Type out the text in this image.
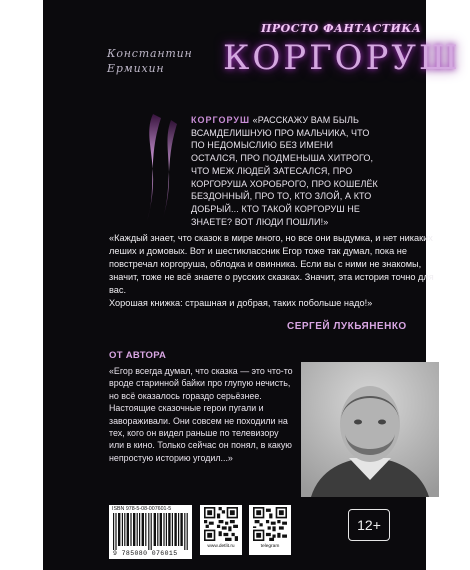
ПРОСТО ФАНТАСТИКА
Константин
Ермихин	КОРГОРУШ
КОРГОРУШ «РАССКАЖУ ВАМ БЫЛЬ ВСАМДЕЛИШНУЮ ПРО МАЛЬЧИКА, ЧТО ПО НЕДОМЫСЛИЮ БЕЗ ИМЕНИ ОСТАЛСЯ, ПРО ПОДМЕНЫША ХИТРОГО, ЧТО МЕЖ ЛЮДЕЙ ЗАТЕСАЛСЯ, ПРО КОРГОРУША ХОРОБРОГО, ПРО КОШЕЛЁК БЕЗДОННЫЙ, ПРО ТО, КТО ЗЛОЙ, А КТО ДОБРЫЙ... КТО ТАКОЙ КОРГОРУШ НЕ ЗНАЕТЕ? ВОТ ЛЮДИ ПОШЛИ!»

«Каждый знает, что сказок в мире много, но все они выдумка, и нет никаких леших и домовых. Вот и шестиклассник Егор тоже так думал, пока не повстречал коргоруша, облодка и овинника. Если вы с ними не знакомы, значит, тоже не всё знаете о русских сказках. Значит, эта история точно для вас.

Хорошая книжка: страшная и добрая, таких побольше надо!»

СЕРГЕЙ ЛУКЬЯНЕНКО
ОТ АВТОРА
«Егор всегда думал, что сказка — это что-то вроде старинной байки про глупую нечисть, но всё оказалось гораздо серьёзнее. Настоящие сказочные герои пугали и завораживали. Они совсем не походили на тех, кого он видел раньше по телевизору или в кино. Только сейчас он понял, в какую непростую историю угодил...»
ISBN 978-5-08-007601-5
9 785080 076015
www.detlit.ru	telegram
12+
